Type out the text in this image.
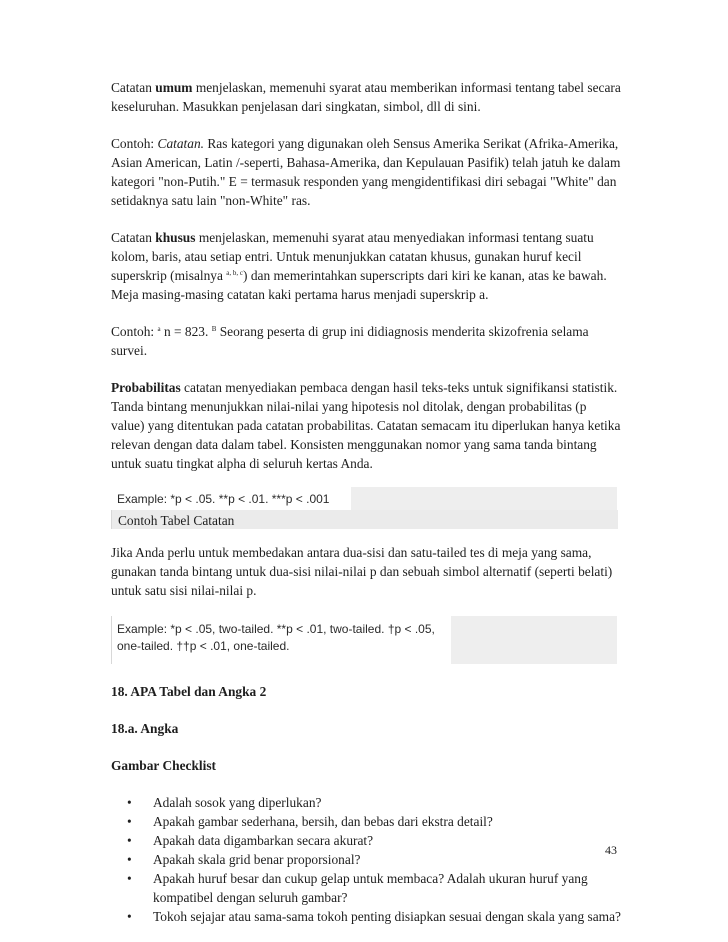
Catatan umum menjelaskan, memenuhi syarat atau memberikan informasi tentang tabel secara keseluruhan. Masukkan penjelasan dari singkatan, simbol, dll di sini.

Contoh: Catatan. Ras kategori yang digunakan oleh Sensus Amerika Serikat (Afrika-Amerika, Asian American, Latin /-seperti, Bahasa-Amerika, dan Kepulauan Pasifik) telah jatuh ke dalam kategori "non-Putih." E = termasuk responden yang mengidentifikasi diri sebagai "White" dan setidaknya satu lain "non-White" ras.

Catatan khusus menjelaskan, memenuhi syarat atau menyediakan informasi tentang suatu kolom, baris, atau setiap entri. Untuk menunjukkan catatan khusus, gunakan huruf kecil superskrip (misalnya $^{a, b, c}$) dan memerintahkan superscripts dari kiri ke kanan, atas ke bawah. Meja masing-masing catatan kaki pertama harus menjadi superskrip a.

Contoh: $^a$ n = 823. $^B$ Seorang peserta di grup ini didiagnosis menderita skizofrenia selama survei.

Probabilitas catatan menyediakan pembaca dengan hasil teks-teks untuk signifikansi statistik. Tanda bintang menunjukkan nilai-nilai yang hipotesis nol ditolak, dengan probabilitas (p value) yang ditentukan pada catatan probabilitas. Catatan semacam itu diperlukan hanya ketika relevan dengan data dalam tabel. Konsisten menggunakan nomor yang sama tanda bintang untuk suatu tingkat alpha di seluruh kertas Anda.

Example: *p < .05. **p < .01. ***p < .001
Contoh Tabel Catatan

Jika Anda perlu untuk membedakan antara dua-sisi dan satu-tailed tes di meja yang sama, gunakan tanda bintang untuk dua-sisi nilai-nilai p dan sebuah simbol alternatif (seperti belati) untuk satu sisi nilai-nilai p.

Example: *p < .05, two-tailed. **p < .01, two-tailed. †p < .05,
one-tailed. ††p < .01, one-tailed.
18. APA Tabel dan Angka 2
18.a. Angka
Gambar Checklist
• Adalah sosok yang diperlukan?
• Apakah gambar sederhana, bersih, dan bebas dari ekstra detail?
• Apakah data digambarkan secara akurat?
• Apakah skala grid benar proporsional?
• Apakah huruf besar dan cukup gelap untuk membaca? Adalah ukuran huruf yang kompatibel dengan seluruh gambar?
• Tokoh sejajar atau sama-sama tokoh penting disiapkan sesuai dengan skala yang sama?
43
